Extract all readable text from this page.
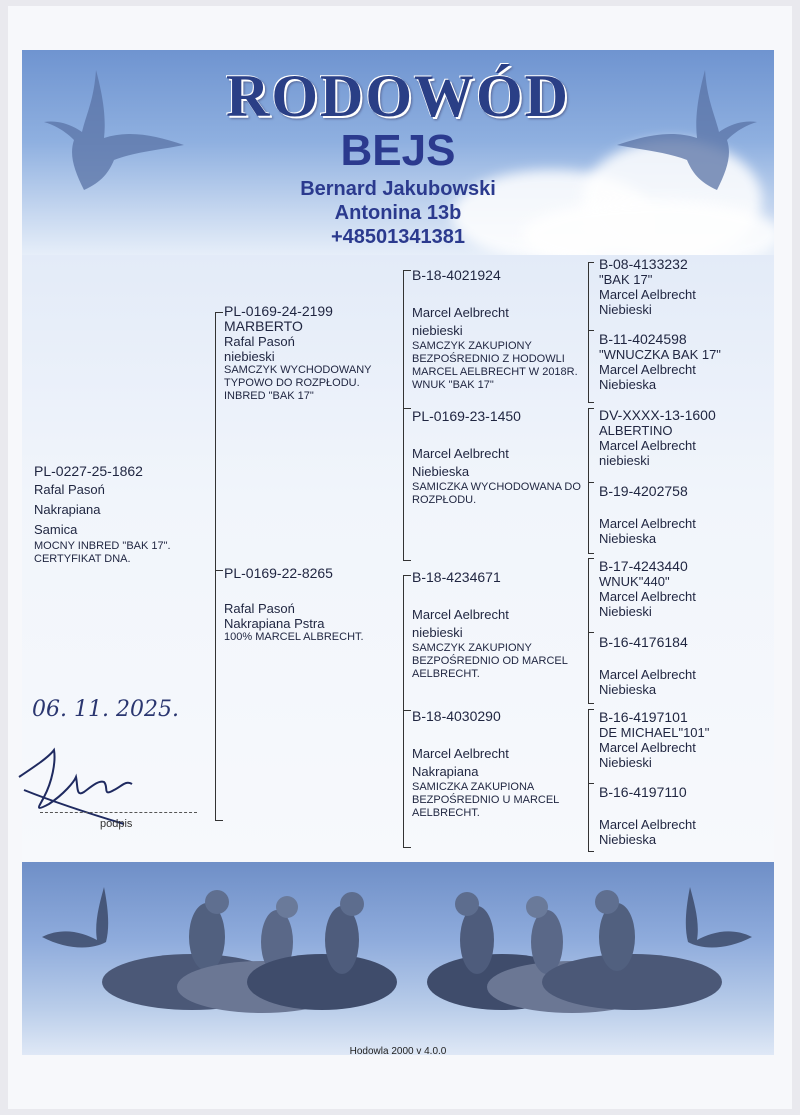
RODOWÓD
BEJS
Bernard Jakubowski
Antonina 13b
+48501341381
PL-0227-25-1862
Rafal Pasoń
Nakrapiana
Samica
MOCNY INBRED "BAK 17". CERTYFIKAT DNA.
PL-0169-24-2199
MARBERTO
Rafal Pasoń
niebieski
SAMCZYK WYCHODOWANY TYPOWO DO ROZPŁODU. INBRED "BAK 17"
PL-0169-22-8265
Rafal Pasoń
Nakrapiana Pstra
100% MARCEL ALBRECHT.
B-18-4021924
Marcel Aelbrecht
niebieski
SAMCZYK ZAKUPIONY BEZPOŚREDNIO Z HODOWLI MARCEL AELBRECHT W 2018R. WNUK "BAK 17"
PL-0169-23-1450
Marcel Aelbrecht
Niebieska
SAMICZKA WYCHODOWANA DO ROZPŁODU.
B-18-4234671
Marcel Aelbrecht
niebieski
SAMCZYK ZAKUPIONY BEZPOŚREDNIO OD MARCEL AELBRECHT.
B-18-4030290
Marcel Aelbrecht
Nakrapiana
SAMICZKA ZAKUPIONA BEZPOŚREDNIO U MARCEL AELBRECHT.
B-08-4133232
"BAK 17"
Marcel Aelbrecht
Niebieski
B-11-4024598
"WNUCZKA BAK 17"
Marcel Aelbrecht
Niebieska
DV-XXXX-13-1600
ALBERTINO
Marcel Aelbrecht
niebieski
B-19-4202758
Marcel Aelbrecht
Niebieska
B-17-4243440
WNUK"440"
Marcel Aelbrecht
Niebieski
B-16-4176184
Marcel Aelbrecht
Niebieska
B-16-4197101
DE MICHAEL"101"
Marcel Aelbrecht
Niebieski
B-16-4197110
Marcel Aelbrecht
Niebieska
06. 11. 2025.
podpis
Hodowla 2000 v 4.0.0
